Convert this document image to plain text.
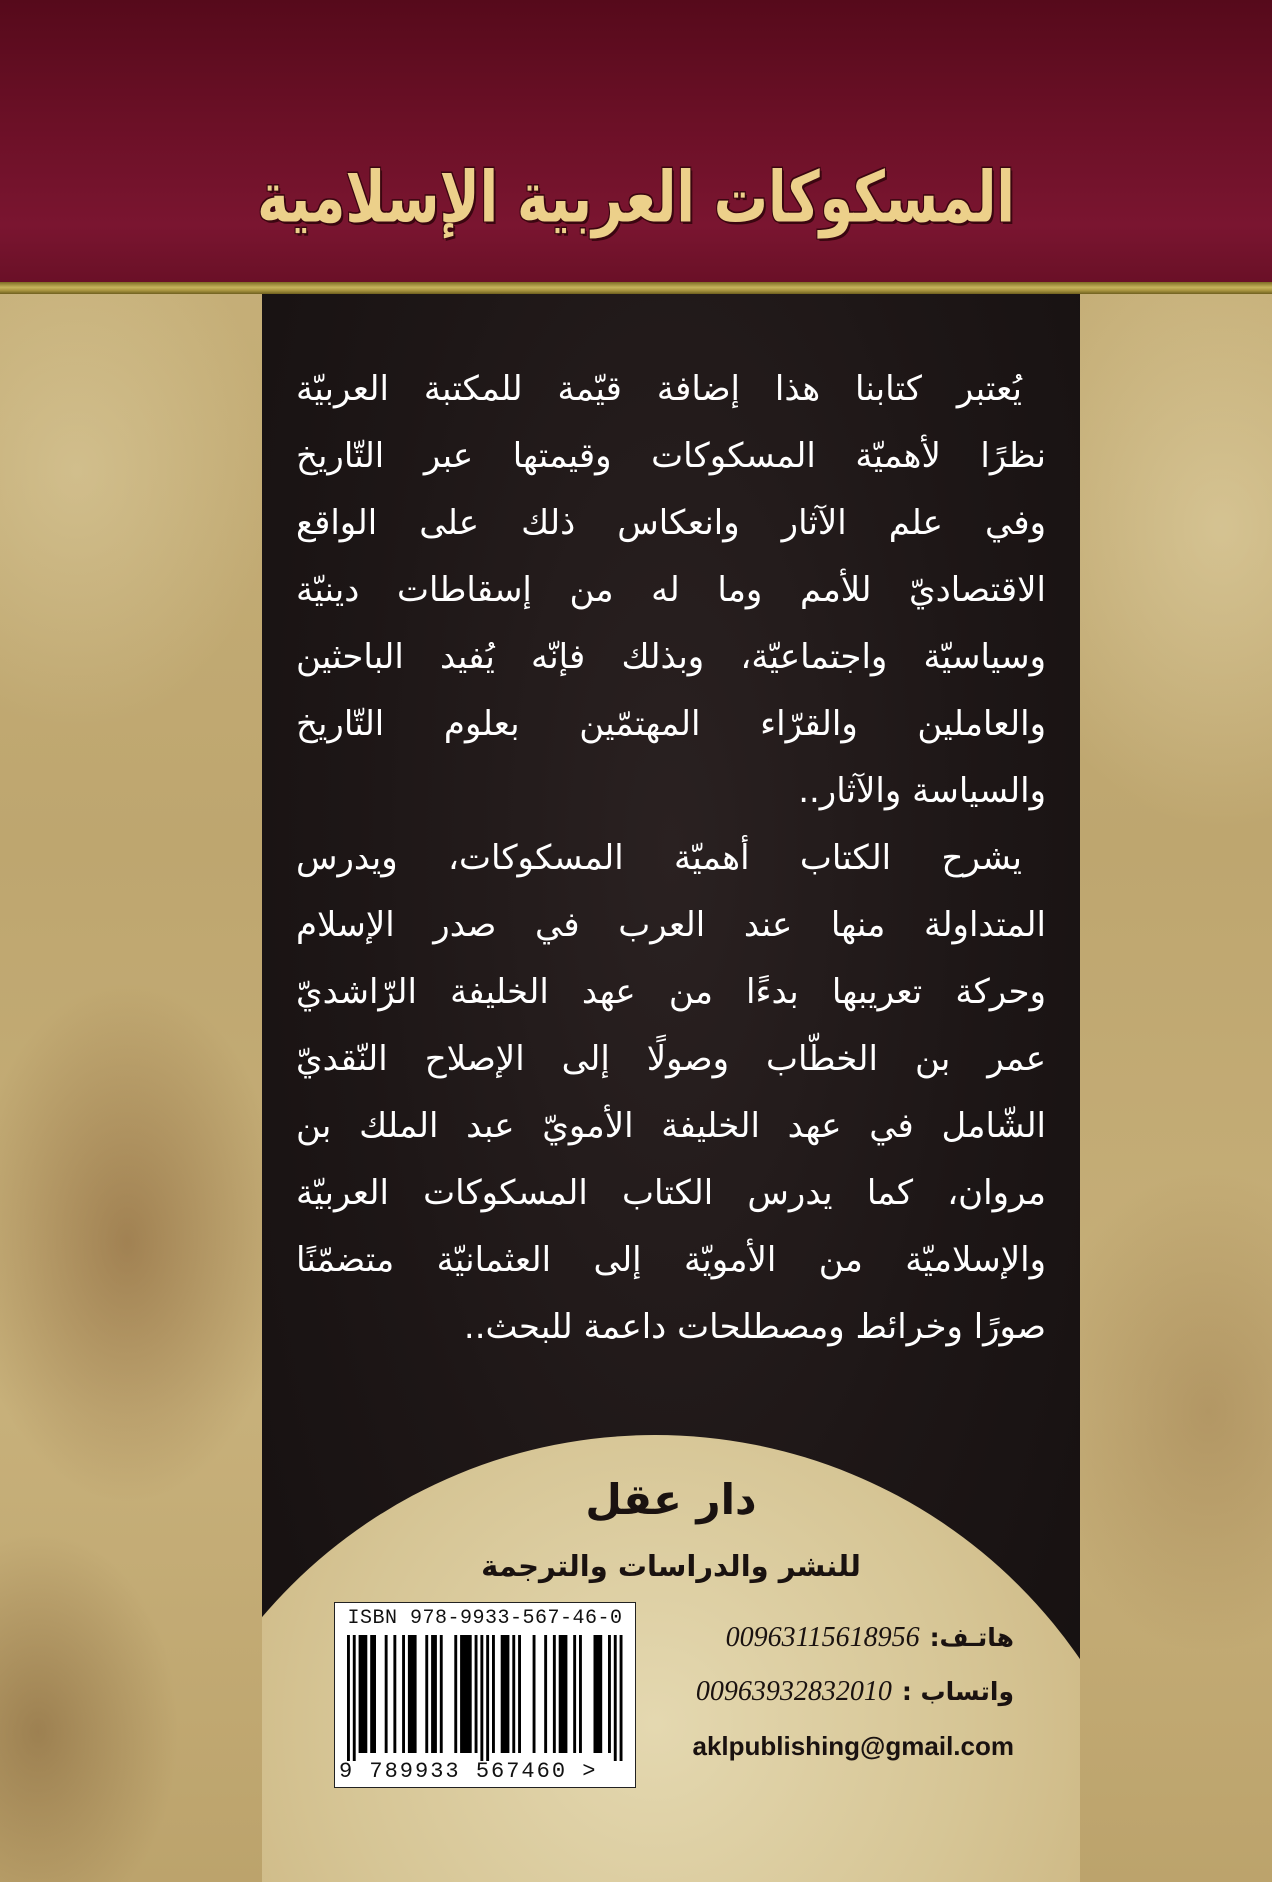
المسكوكات العربية الإسلامية
يُعتبر كتابنا هذا إضافة قيّمة للمكتبة العربيّة
نظرًا لأهميّة المسكوكات وقيمتها عبر التّاريخ
وفي علم الآثار وانعكاس ذلك على الواقع
الاقتصاديّ للأمم وما له من إسقاطات دينيّة
وسياسيّة واجتماعيّة، وبذلك فإنّه يُفيد الباحثين
والعاملين والقرّاء المهتمّين بعلوم التّاريخ
والسياسة والآثار..
يشرح الكتاب أهميّة المسكوكات، ويدرس
المتداولة منها عند العرب في صدر الإسلام
وحركة تعريبها بدءًا من عهد الخليفة الرّاشديّ
عمر بن الخطّاب وصولًا إلى الإصلاح النّقديّ
الشّامل في عهد الخليفة الأمويّ عبد الملك بن
مروان، كما يدرس الكتاب المسكوكات العربيّة
والإسلاميّة من الأمويّة إلى العثمانيّة متضمّنًا
صورًا وخرائط ومصطلحات داعمة للبحث..
دار عقل
للنشر والدراسات والترجمة
ISBN 978-9933-567-46-0
9 789933 567460 >
هاتـف:00963115618956
واتساب :00963932832010
aklpublishing@gmail.com
